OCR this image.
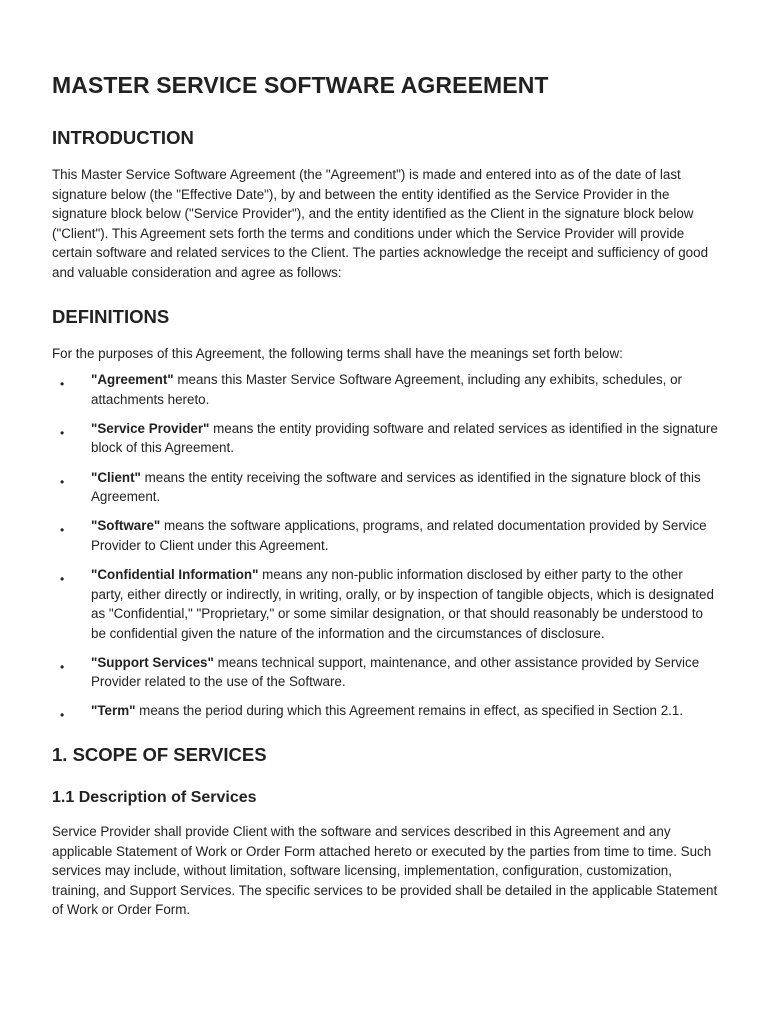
MASTER SERVICE SOFTWARE AGREEMENT
INTRODUCTION

This Master Service Software Agreement (the "Agreement") is made and entered into as of the date of last signature below (the "Effective Date"), by and between the entity identified as the Service Provider in the signature block below ("Service Provider"), and the entity identified as the Client in the signature block below ("Client"). This Agreement sets forth the terms and conditions under which the Service Provider will provide certain software and related services to the Client. The parties acknowledge the receipt and sufficiency of good and valuable consideration and agree as follows:

DEFINITIONS

For the purposes of this Agreement, the following terms shall have the meanings set forth below:

• "Agreement" means this Master Service Software Agreement, including any exhibits, schedules, or attachments hereto.
• "Service Provider" means the entity providing software and related services as identified in the signature block of this Agreement.
• "Client" means the entity receiving the software and services as identified in the signature block of this Agreement.
• "Software" means the software applications, programs, and related documentation provided by Service Provider to Client under this Agreement.
• "Confidential Information" means any non-public information disclosed by either party to the other party, either directly or indirectly, in writing, orally, or by inspection of tangible objects, which is designated as "Confidential," "Proprietary," or some similar designation, or that should reasonably be understood to be confidential given the nature of the information and the circumstances of disclosure.
• "Support Services" means technical support, maintenance, and other assistance provided by Service Provider related to the use of the Software.
• "Term" means the period during which this Agreement remains in effect, as specified in Section 2.1.
1. SCOPE OF SERVICES
1.1 Description of Services

Service Provider shall provide Client with the software and services described in this Agreement and any applicable Statement of Work or Order Form attached hereto or executed by the parties from time to time. Such services may include, without limitation, software licensing, implementation, configuration, customization, training, and Support Services. The specific services to be provided shall be detailed in the applicable Statement of Work or Order Form.
